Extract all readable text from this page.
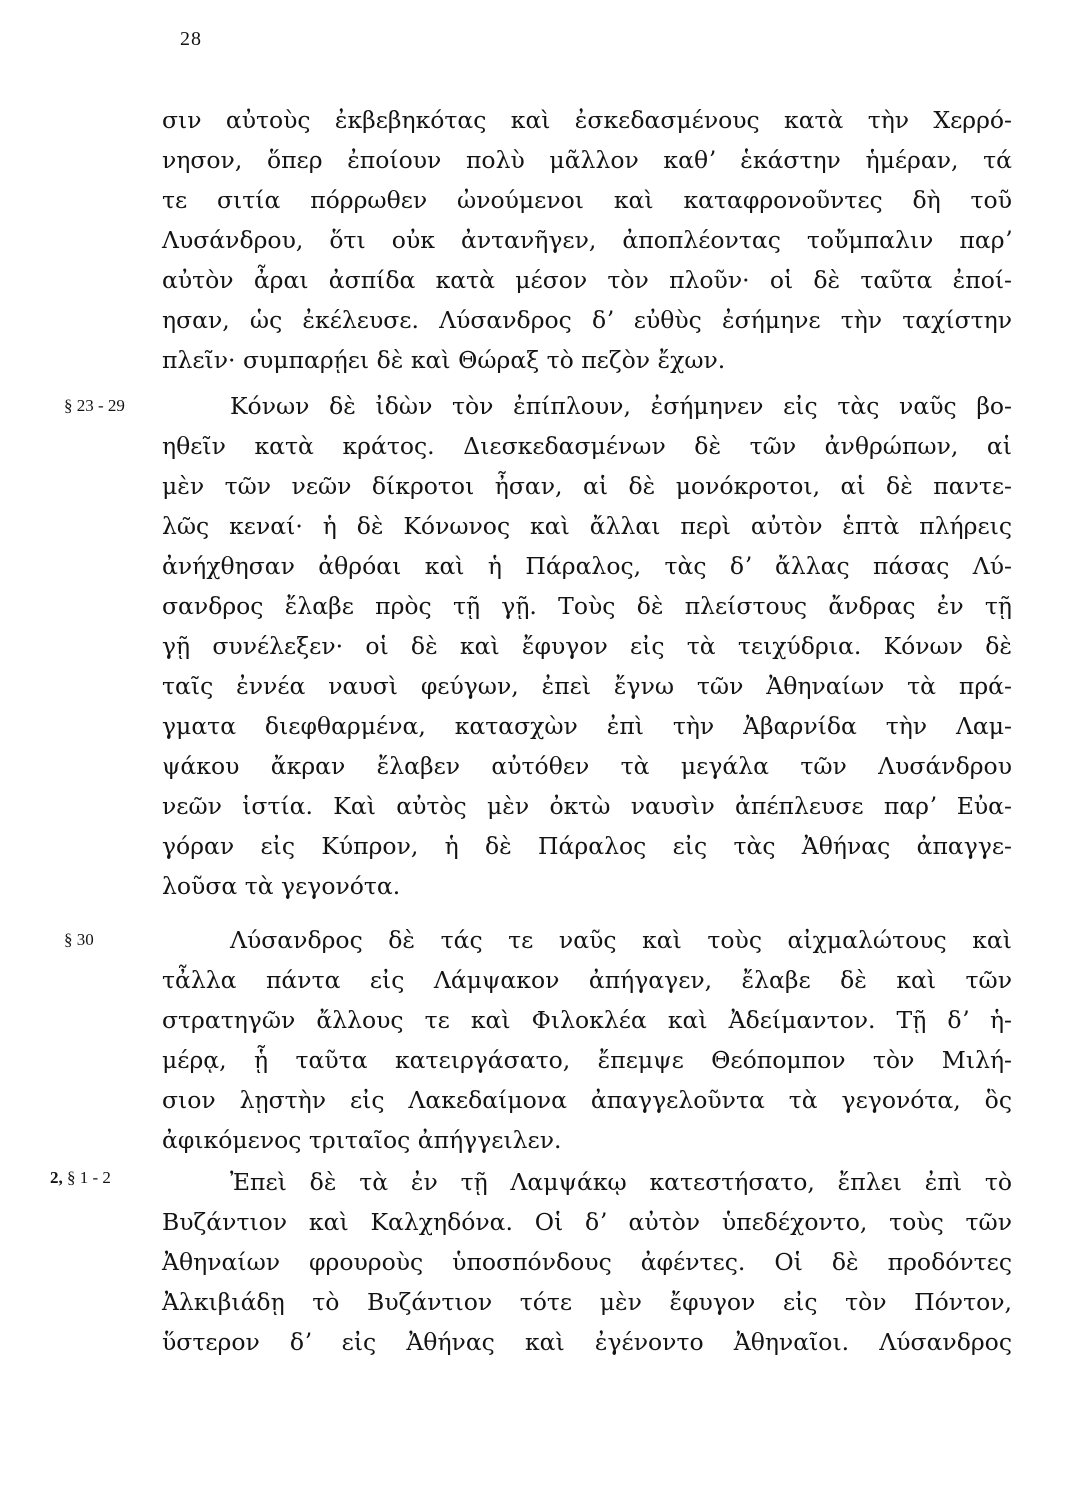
28
§ 23 - 29
§ 30
2, § 1 - 2
σιν αὐτοὺς ἐκβεβηκότας καὶ ἐσκεδασμένους κατὰ τὴν Χερρό-
νησον, ὅπερ ἐποίουν πολὺ μᾶλλον καθʼ ἑκάστην ἡμέραν, τά
τε σιτία πόρρωθεν ὠνούμενοι καὶ καταφρονοῦντες δὴ τοῦ
Λυσάνδρου, ὅτι οὐκ ἀντανῆγεν, ἀποπλέοντας τοὔμπαλιν παρʼ
αὐτὸν ἆραι ἀσπίδα κατὰ μέσον τὸν πλοῦν· οἱ δὲ ταῦτα ἐποί-
ησαν, ὡς ἐκέλευσε. Λύσανδρος δʼ εὐθὺς ἐσήμηνε τὴν ταχίστην
πλεῖν· συμπαρῄει δὲ καὶ Θώραξ τὸ πεζὸν ἔχων.
Κόνων δὲ ἰδὼν τὸν ἐπίπλουν, ἐσήμηνεν εἰς τὰς ναῦς βο-
ηθεῖν κατὰ κράτος. Διεσκεδασμένων δὲ τῶν ἀνθρώπων, αἱ
μὲν τῶν νεῶν δίκροτοι ἦσαν, αἱ δὲ μονόκροτοι, αἱ δὲ παντε-
λῶς κεναί· ἡ δὲ Κόνωνος καὶ ἄλλαι περὶ αὐτὸν ἑπτὰ πλήρεις
ἀνήχθησαν ἀθρόαι καὶ ἡ Πάραλος, τὰς δʼ ἄλλας πάσας Λύ-
σανδρος ἔλαβε πρὸς τῇ γῇ. Τοὺς δὲ πλείστους ἄνδρας ἐν τῇ
γῇ συνέλεξεν· οἱ δὲ καὶ ἔφυγον εἰς τὰ τειχύδρια. Κόνων δὲ
ταῖς ἐννέα ναυσὶ φεύγων, ἐπεὶ ἔγνω τῶν Ἀθηναίων τὰ πρά-
γματα διεφθαρμένα, κατασχὼν ἐπὶ τὴν Ἀβαρνίδα τὴν Λαμ-
ψάκου ἄκραν ἔλαβεν αὐτόθεν τὰ μεγάλα τῶν Λυσάνδρου
νεῶν ἱστία. Καὶ αὐτὸς μὲν ὀκτὼ ναυσὶν ἀπέπλευσε παρʼ Εὐα-
γόραν εἰς Κύπρον, ἡ δὲ Πάραλος εἰς τὰς Ἀθήνας ἀπαγγε-
λοῦσα τὰ γεγονότα.
Λύσανδρος δὲ τάς τε ναῦς καὶ τοὺς αἰχμαλώτους καὶ
τἆλλα πάντα εἰς Λάμψακον ἀπήγαγεν, ἔλαβε δὲ καὶ τῶν
στρατηγῶν ἄλλους τε καὶ Φιλοκλέα καὶ Ἀδείμαντον. Τῇ δʼ ἡ-
μέρᾳ, ᾗ ταῦτα κατειργάσατο, ἔπεμψε Θεόπομπον τὸν Μιλή-
σιον λῃστὴν εἰς Λακεδαίμονα ἀπαγγελοῦντα τὰ γεγονότα, ὃς
ἀφικόμενος τριταῖος ἀπήγγειλεν.
Ἐπεὶ δὲ τὰ ἐν τῇ Λαμψάκῳ κατεστήσατο, ἔπλει ἐπὶ τὸ
Βυζάντιον καὶ Καλχηδόνα. Οἱ δʼ αὐτὸν ὑπεδέχοντο, τοὺς τῶν
Ἀθηναίων φρουροὺς ὑποσπόνδους ἀφέντες. Οἱ δὲ προδόντες
Ἀλκιβιάδῃ τὸ Βυζάντιον τότε μὲν ἔφυγον εἰς τὸν Πόντον,
ὕστερον δʼ εἰς Ἀθήνας καὶ ἐγένοντο Ἀθηναῖοι. Λύσανδρος
